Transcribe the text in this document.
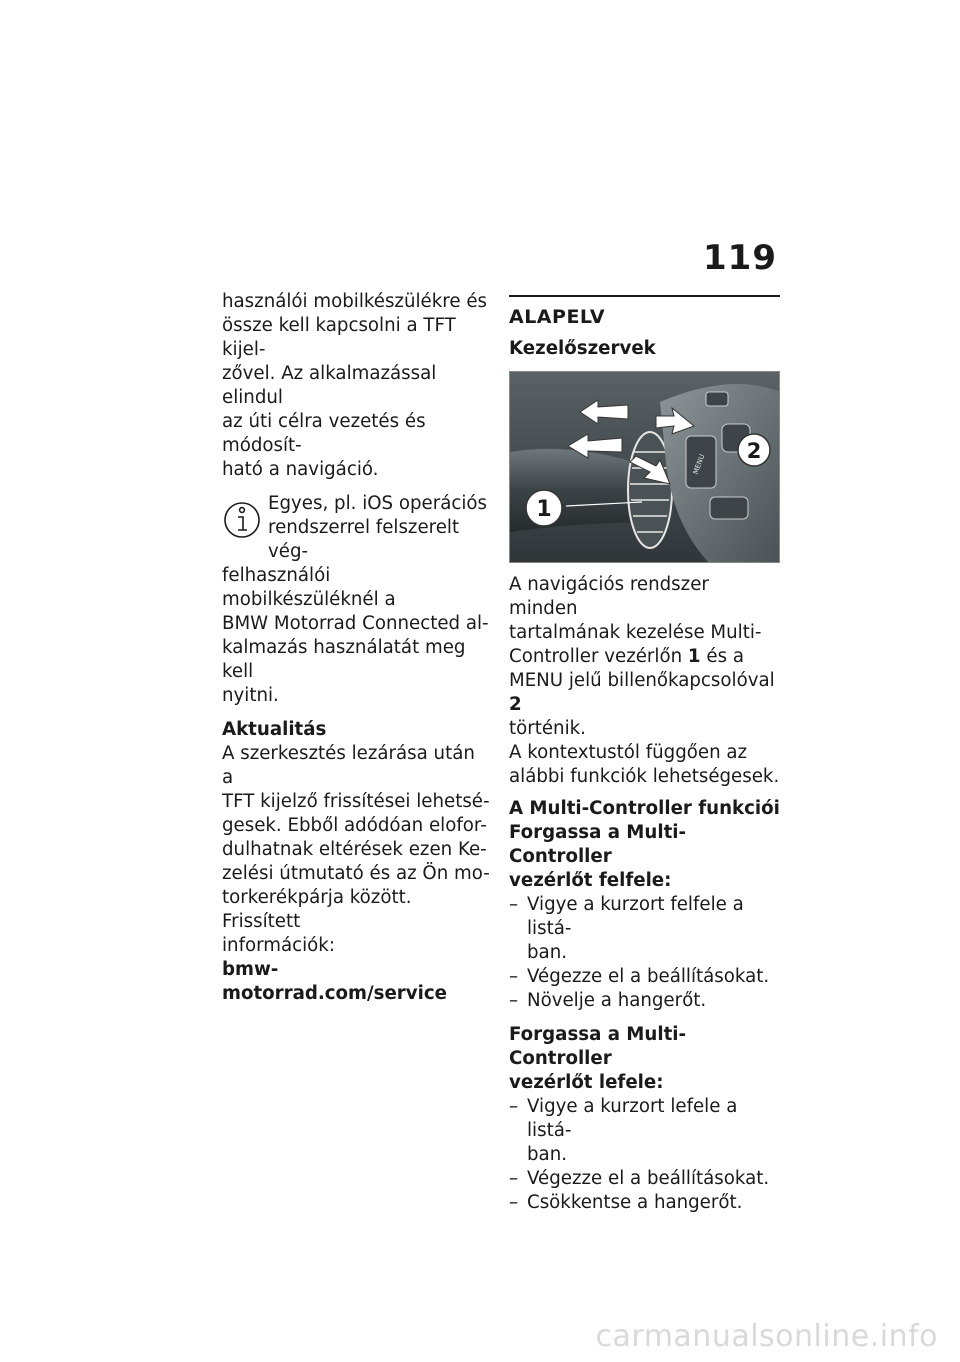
119

használói mobilkészülékre és
össze kell kapcsolni a TFT kijel-
zővel. Az alkalmazással elindul
az úti célra vezetés és módosít-
ható a navigáció.

Egyes, pl. iOS operációs
rendszerrel felszerelt vég-
felhasználói mobilkészüléknél a
BMW Motorrad Connected al-
kalmazás használatát meg kell
nyitni.

Aktualitás

A szerkesztés lezárása után a
TFT kijelző frissítései lehetsé-
gesek. Ebből adódóan elofor-
dulhatnak eltérések ezen Ke-
zelési útmutató és az Ön mo-
torkerékpárja között. Frissített
információk:

bmw-motorrad.com/service

ALAPELV

Kezelőszervek

MENU
1
2

A navigációs rendszer minden
tartalmának kezelése Multi-
Controller vezérlőn 1 és a
MENU jelű billenőkapcsolóval 2
történik.
A kontextustól függően az
alábbi funkciók lehetségesek.

A Multi-Controller funkciói

Forgassa a Multi-Controller
vezérlőt felfele:

– Vigye a kurzort felfele a listá-
ban.
– Végezze el a beállításokat.
– Növelje a hangerőt.

Forgassa a Multi-Controller
vezérlőt lefele:

– Vigye a kurzort lefele a listá-
ban.
– Végezze el a beállításokat.
– Csökkentse a hangerőt.
carmanualsonline.info
